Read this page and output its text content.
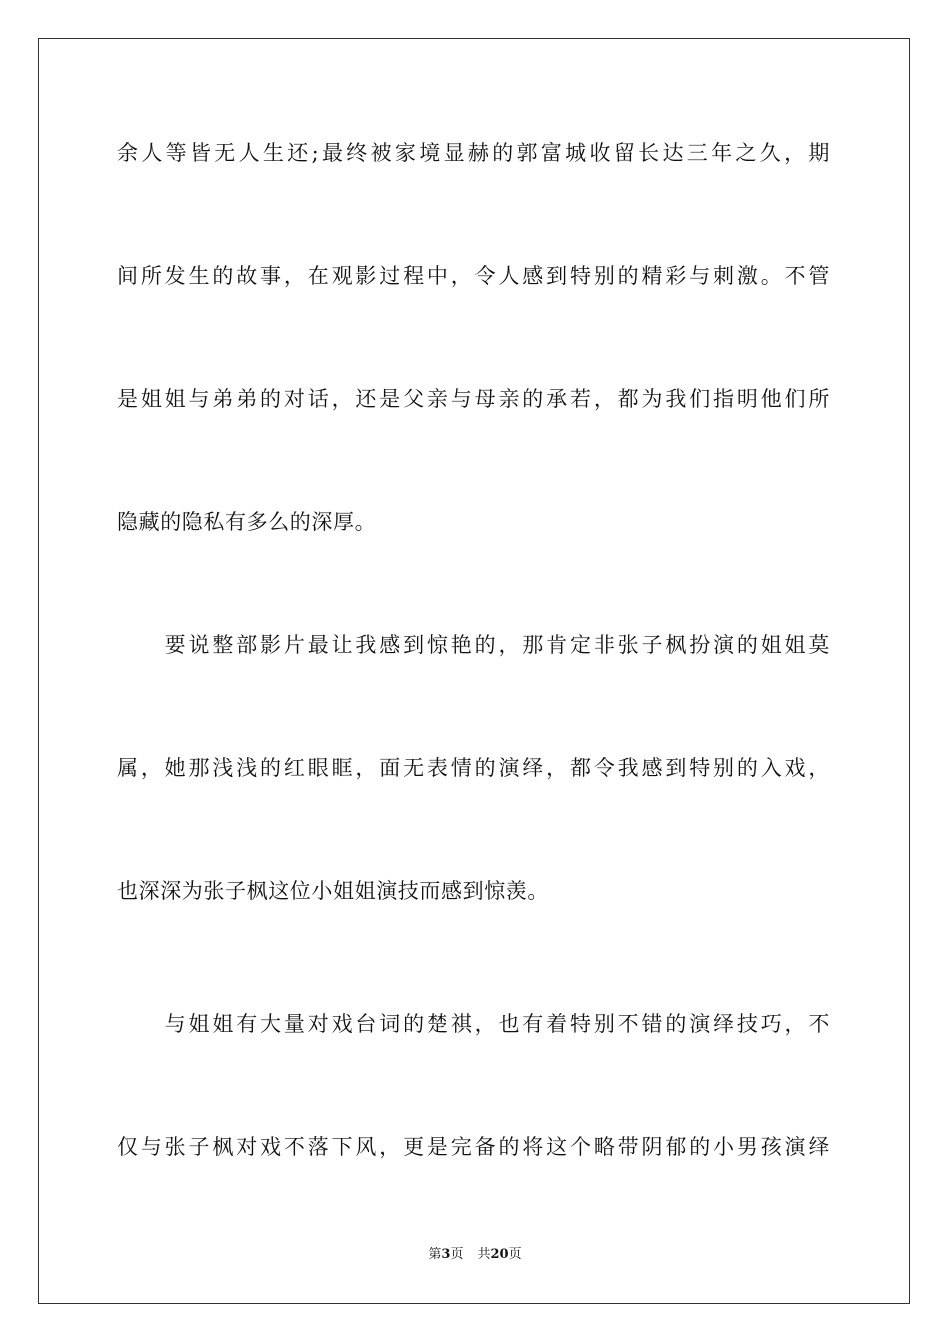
余人等皆无人生还;最终被家境显赫的郭富城收留长达三年之久，期
间所发生的故事，在观影过程中，令人感到特别的精彩与刺激。不管
是姐姐与弟弟的对话，还是父亲与母亲的承若，都为我们指明他们所
隐藏的隐私有多么的深厚。
　　要说整部影片最让我感到惊艳的，那肯定非张子枫扮演的姐姐莫
属，她那浅浅的红眼眶，面无表情的演绎，都令我感到特别的入戏，
也深深为张子枫这位小姐姐演技而感到惊羡。
　　与姐姐有大量对戏台词的楚祺，也有着特别不错的演绎技巧，不
仅与张子枫对戏不落下风，更是完备的将这个略带阴郁的小男孩演绎
第3页 共20页
